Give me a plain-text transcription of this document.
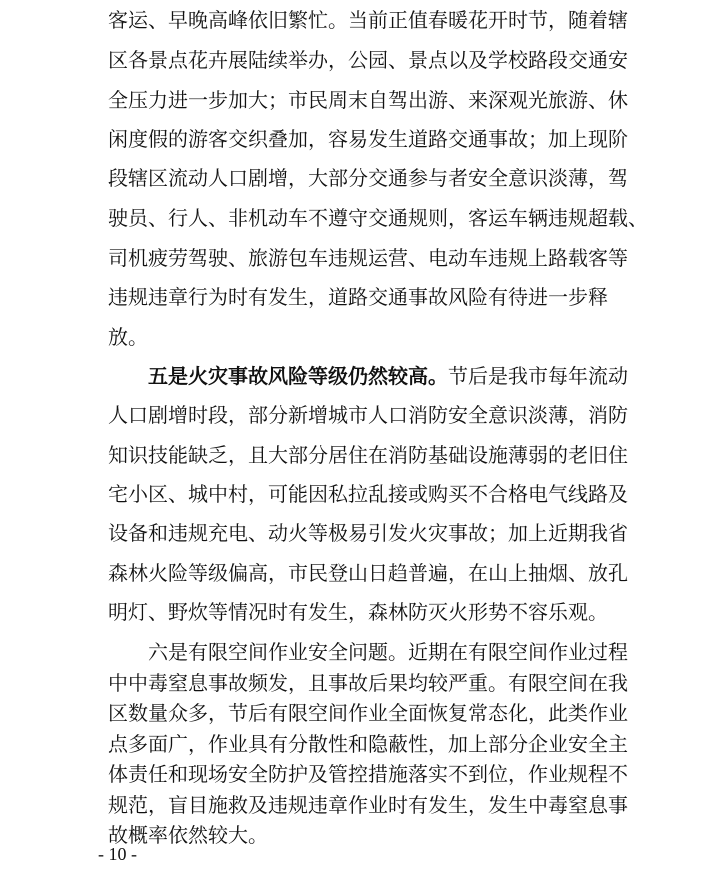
客运、早晚高峰依旧繁忙。当前正值春暖花开时节，随着辖
区各景点花卉展陆续举办，公园、景点以及学校路段交通安
全压力进一步加大；市民周末自驾出游、来深观光旅游、休
闲度假的游客交织叠加，容易发生道路交通事故；加上现阶
段辖区流动人口剧增，大部分交通参与者安全意识淡薄，驾
驶员、行人、非机动车不遵守交通规则，客运车辆违规超载、
司机疲劳驾驶、旅游包车违规运营、电动车违规上路载客等
违规违章行为时有发生，道路交通事故风险有待进一步释
放。
五是火灾事故风险等级仍然较高。节后是我市每年流动
人口剧增时段，部分新增城市人口消防安全意识淡薄，消防
知识技能缺乏，且大部分居住在消防基础设施薄弱的老旧住
宅小区、城中村，可能因私拉乱接或购买不合格电气线路及
设备和违规充电、动火等极易引发火灾事故；加上近期我省
森林火险等级偏高，市民登山日趋普遍，在山上抽烟、放孔
明灯、野炊等情况时有发生，森林防灭火形势不容乐观。
六是有限空间作业安全问题。近期在有限空间作业过程
中中毒窒息事故频发，且事故后果均较严重。有限空间在我
区数量众多，节后有限空间作业全面恢复常态化，此类作业
点多面广，作业具有分散性和隐蔽性，加上部分企业安全主
体责任和现场安全防护及管控措施落实不到位，作业规程不
规范，盲目施救及违规违章作业时有发生，发生中毒窒息事
故概率依然较大。
- 10 -
